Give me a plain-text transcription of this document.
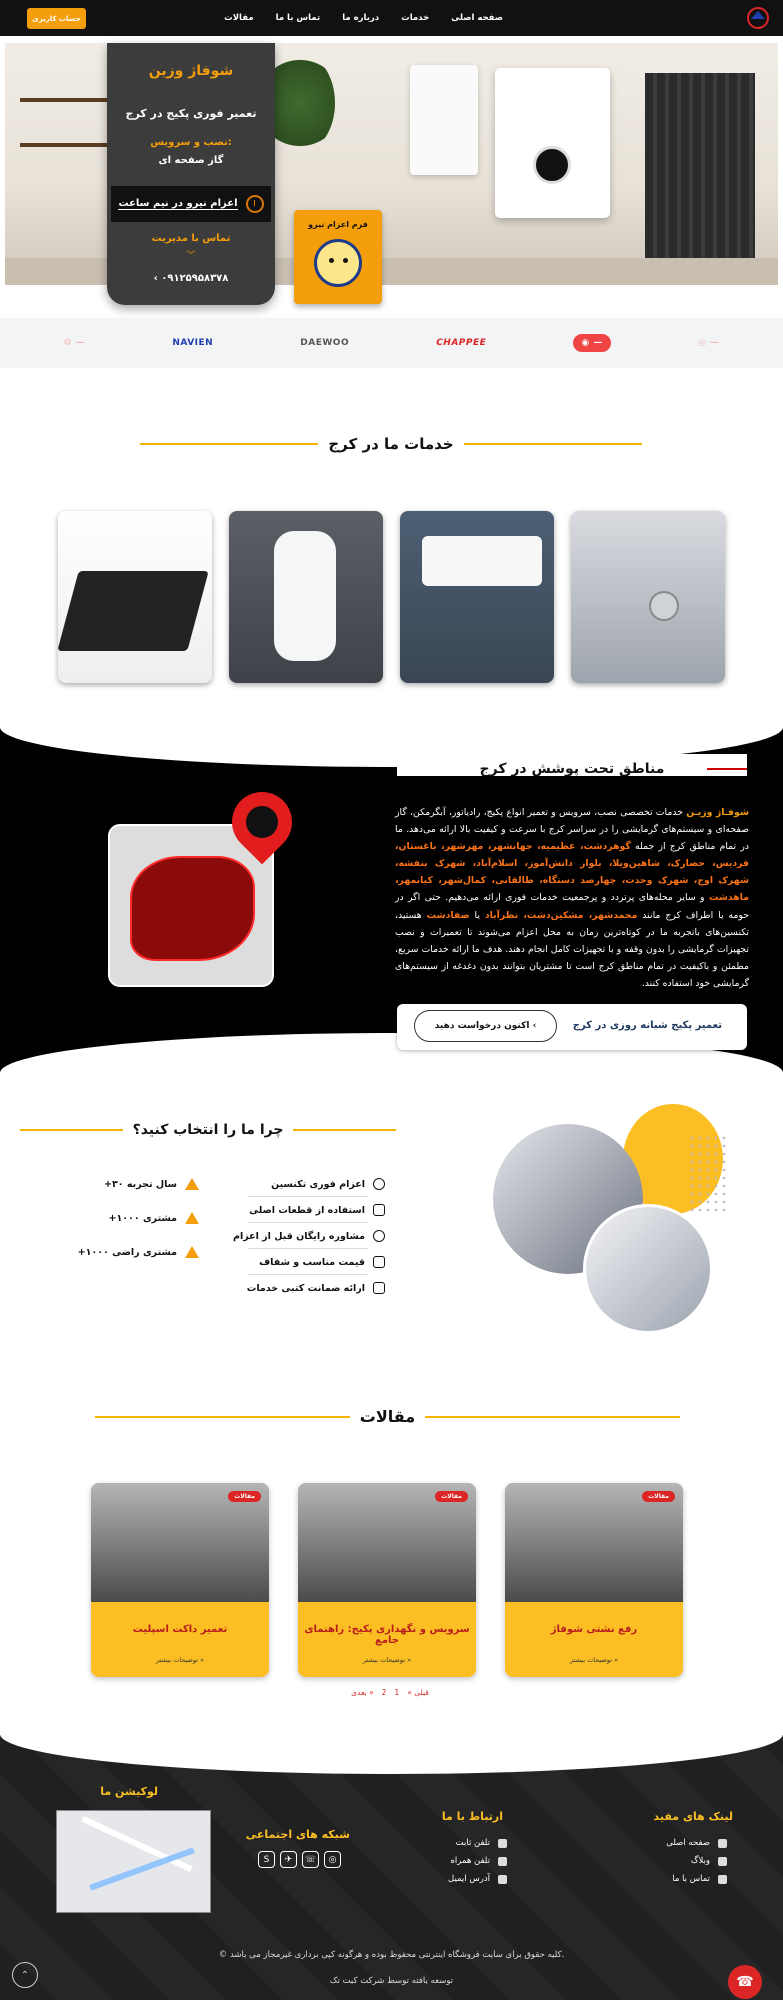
صفحه اصلی
خدمات
درباره ما
تماس با ما
مقالات
حساب کاربری
شوفاژ وزین
تعمیر فوری پکیج در کرج
نصب و سرویس:
گاز صفحه ای
اعزام نیرو در نیم ساعت
تماس با مدیریت
︾
‹ ۰۹۱۲۵۹۵۸۳۷۸
فرم اعزام نیرو
◎ —
◉ —
CHAPPEE
DAEWOO
NAVIEN
⚙ —
خدمات ما در کرج
مناطق تحت پوشش در کرج
شوفـاژ وزیـن خدمات تخصصی نصب، سرویس و تعمیر انواع پکیج، رادیاتور، آبگرمکن، گاز صفحه‌ای و سیستم‌های گرمایشی را در سراسر کرج با سرعت و کیفیت بالا ارائه می‌دهد. ما در تمام مناطق کرج از جمله گوهردشت، عظیمیه، جهانشهر، مهرشهر، باغستان، فردیس، حصارک، شاهین‌ویلا، بلوار دانش‌آموز، اسلام‌آباد، شهرک بنفشه، شهرک اوج، شهرک وحدت، چهارصد دستگاه، طالقانی، کمال‌شهر، کیانمهر، ماهدشت و سایر محله‌های پرتردد و پرجمعیت خدمات فوری ارائه می‌دهیم. حتی اگر در حومه یا اطراف کرج مانند محمدشهر، مشکین‌دشت، نظرآباد یا صفادشت هستید، تکنسین‌های باتجربه ما در کوتاه‌ترین زمان به محل اعزام می‌شوند تا تعمیرات و نصب تجهیزات گرمایشی را بدون وقفه و با تجهیزات کامل انجام دهند. هدف ما ارائه خدمات سریع، مطمئن و باکیفیت در تمام مناطق کرج است تا مشتریان بتوانند بدون دغدغه از سیستم‌های گرمایشی خود استفاده کنند.
تعمیر پکیج شبانه روزی در کرج
اکنون درخواست دهید ‹
چرا ما را انتخاب کنید؟
اعزام فوری تکنسین
استفاده از قطعات اصلی
مشاوره رایگان قبل از اعزام
قیمت مناسب و شفاف
ارائه ضمانت کتبی خدمات
+۳۰ سال تجربه
+۱۰۰۰ مشتری
+۱۰۰۰ مشتری راضی
مقالات
مقالات
رفع نشتی شوفاژ
توضیحات بیشتر »
مقالات
سرویس و نگهداری پکیج: راهنمای جامع
توضیحات بیشتر »
مقالات
تعمیر داکت اسپلیت
توضیحات بیشتر »
« قبلی
1
2
بعدی »
لینک های مفید
صفحه اصلی
وبلاگ
تماس با ما
ارتباط با ما
تلفن ثابت
تلفن همراه
آدرس ایمیل
شبکه های اجتماعی
S	✈	☏	◎
لوکیشن ما
© کلیه حقوق برای سایت فروشگاه اینترنتی محفوظ بوده و هرگونه کپی برداری غیرمجاز می باشد.
توسعه یافته توسط شرکت کیت تک
⌃	☎
